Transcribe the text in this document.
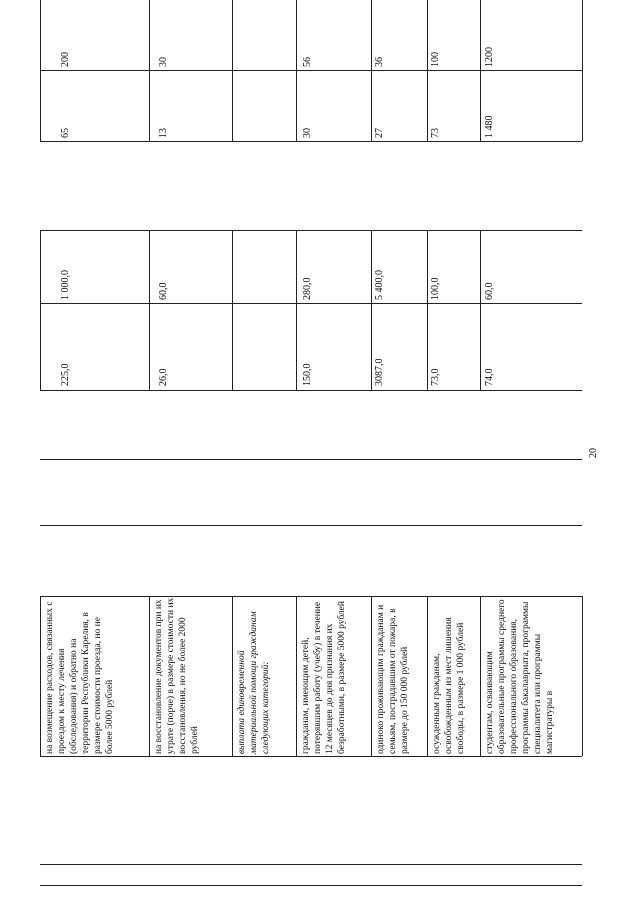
на возмещение расходов, связанных с проездом к месту лечения (обследования) и обратно на территории Республики Карелия, в размере стоимости проезда, но не более 5000 рублей
225,0
1 000,0
65
200
на восстановление документов при их утрате (порче) в размере стоимости их восстановления, но не более 2000 рублей
26,0
60,0
13
30
выплата единовременной материальной помощи гражданам следующих категорий:	гражданам, имеющим детей, потерявшим работу (учебу) в течение 12 месяцев до дня признания их безработными, в размере 5000 рублей
150,0
280,0
30
56
одиноко проживающим гражданам и семьям, пострадавшим от пожара, в размере до 150 000 рублей
3087,0
5 400,0
27
36
осужденным гражданам, освобожденным из мест лишения свободы, в размере 1 000 рублей
73,0
100,0
73
100
студентам, осваивающим образовательные программы среднего профессионального образования, программы бакалавриата, программы специалитета или программы магистратуры в
74,0
60,0
1 480
1200
20
